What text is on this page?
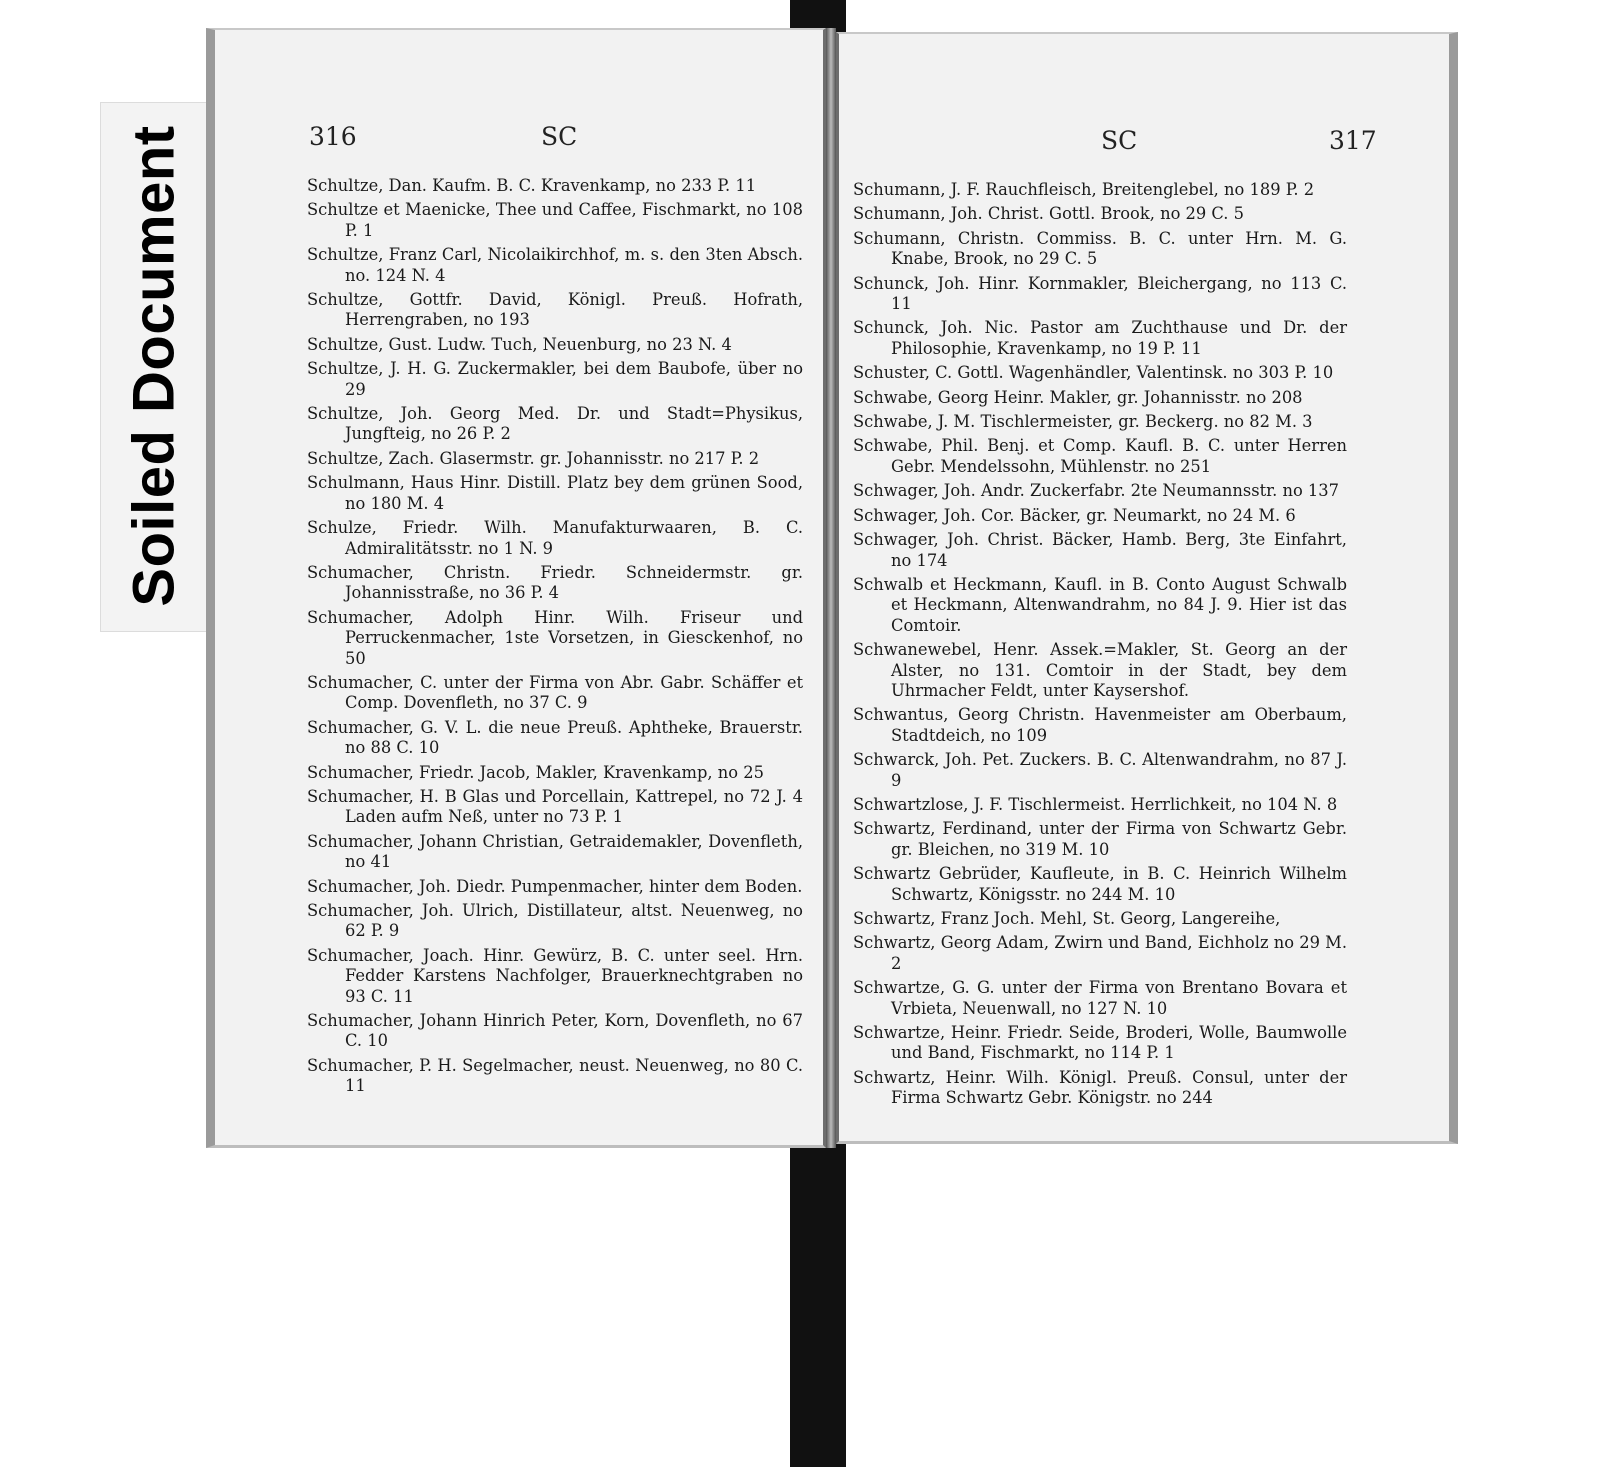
Soiled Document	316	SC
Schultze, Dan. Kaufm. B. C. Kravenkamp, no 233 P. 11
Schultze et Maenicke, Thee und Caffee, Fischmarkt, no 108 P. 1
Schultze, Franz Carl, Nicolaikirchhof, m. s. den 3ten Absch. no. 124 N. 4
Schultze, Gottfr. David, Königl. Preuß. Hofrath, Herrengraben, no 193
Schultze, Gust. Ludw. Tuch, Neuenburg, no 23 N. 4
Schultze, J. H. G. Zuckermakler, bei dem Baubofe, über no 29
Schultze, Joh. Georg Med. Dr. und Stadt=Physikus, Jungfteig, no 26 P. 2
Schultze, Zach. Glasermstr. gr. Johannisstr. no 217 P. 2
Schulmann, Haus Hinr. Distill. Platz bey dem grünen Sood, no 180 M. 4
Schulze, Friedr. Wilh. Manufakturwaaren, B. C. Admiralitätsstr. no 1 N. 9
Schumacher, Christn. Friedr. Schneidermstr. gr. Johannisstraße, no 36 P. 4
Schumacher, Adolph Hinr. Wilh. Friseur und Perruckenmacher, 1ste Vorsetzen, in Giesckenhof, no 50
Schumacher, C. unter der Firma von Abr. Gabr. Schäffer et Comp. Dovenfleth, no 37 C. 9
Schumacher, G. V. L. die neue Preuß. Aphtheke, Brauerstr. no 88 C. 10
Schumacher, Friedr. Jacob, Makler, Kravenkamp, no 25
Schumacher, H. B Glas und Porcellain, Kattrepel, no 72 J. 4 Laden aufm Neß, unter no 73 P. 1
Schumacher, Johann Christian, Getraidemakler, Dovenfleth, no 41
Schumacher, Joh. Diedr. Pumpenmacher, hinter dem Boden.
Schumacher, Joh. Ulrich, Distillateur, altst. Neuenweg, no 62 P. 9
Schumacher, Joach. Hinr. Gewürz, B. C. unter seel. Hrn. Fedder Karstens Nachfolger, Brauerknechtgraben no 93 C. 11
Schumacher, Johann Hinrich Peter, Korn, Dovenfleth, no 67 C. 10
Schumacher, P. H. Segelmacher, neust. Neuenweg, no 80 C. 11
317
SC
Schumann, J. F. Rauchfleisch, Breitenglebel, no 189 P. 2
Schumann, Joh. Christ. Gottl. Brook, no 29 C. 5
Schumann, Christn. Commiss. B. C. unter Hrn. M. G. Knabe, Brook, no 29 C. 5
Schunck, Joh. Hinr. Kornmakler, Bleichergang, no 113 C. 11
Schunck, Joh. Nic. Pastor am Zuchthause und Dr. der Philosophie, Kravenkamp, no 19 P. 11
Schuster, C. Gottl. Wagenhändler, Valentinsk. no 303 P. 10
Schwabe, Georg Heinr. Makler, gr. Johannisstr. no 208
Schwabe, J. M. Tischlermeister, gr. Beckerg. no 82 M. 3
Schwabe, Phil. Benj. et Comp. Kaufl. B. C. unter Herren Gebr. Mendelssohn, Mühlenstr. no 251
Schwager, Joh. Andr. Zuckerfabr. 2te Neumannsstr. no 137
Schwager, Joh. Cor. Bäcker, gr. Neumarkt, no 24 M. 6
Schwager, Joh. Christ. Bäcker, Hamb. Berg, 3te Einfahrt, no 174
Schwalb et Heckmann, Kaufl. in B. Conto August Schwalb et Heckmann, Altenwandrahm, no 84 J. 9. Hier ist das Comtoir.
Schwanewebel, Henr. Assek.=Makler, St. Georg an der Alster, no 131. Comtoir in der Stadt, bey dem Uhrmacher Feldt, unter Kaysershof.
Schwantus, Georg Christn. Havenmeister am Oberbaum, Stadtdeich, no 109
Schwarck, Joh. Pet. Zuckers. B. C. Altenwandrahm, no 87 J. 9
Schwartzlose, J. F. Tischlermeist. Herrlichkeit, no 104 N. 8
Schwartz, Ferdinand, unter der Firma von Schwartz Gebr. gr. Bleichen, no 319 M. 10
Schwartz Gebrüder, Kaufleute, in B. C. Heinrich Wilhelm Schwartz, Königsstr. no 244 M. 10
Schwartz, Franz Joch. Mehl, St. Georg, Langereihe,
Schwartz, Georg Adam, Zwirn und Band, Eichholz no 29 M. 2
Schwartze, G. G. unter der Firma von Brentano Bovara et Vrbieta, Neuenwall, no 127 N. 10
Schwartze, Heinr. Friedr. Seide, Broderi, Wolle, Baumwolle und Band, Fischmarkt, no 114 P. 1
Schwartz, Heinr. Wilh. Königl. Preuß. Consul, unter der Firma Schwartz Gebr. Königstr. no 244
